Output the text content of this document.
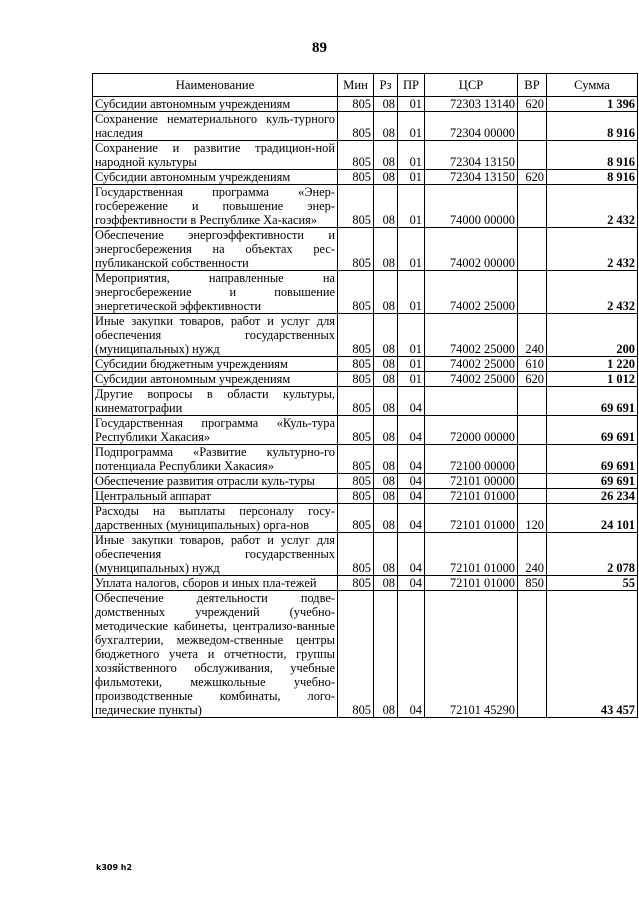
89
Наименование	Мин	Рз	ПР	ЦСР	ВР	Сумма
Субсидии автономным учреждениям	805	08	01	72303 13140	620	1 396
Сохранение нематериального куль-турного наследия	805	08	01	72304 00000		8 916
Сохранение и развитие традицион-ной народной культуры	805	08	01	72304 13150		8 916
Субсидии автономным учреждениям	805	08	01	72304 13150	620	8 916
Государственная программа «Энер-госбережение и повышение энер-гоэффективности в Республике Ха-касия»	805	08	01	74000 00000		2 432
Обеспечение энергоэффективности и энергосбережения на объектах рес-публиканской собственности	805	08	01	74002 00000		2 432
Мероприятия, направленные на энергосбережение и повышение энергетической эффективности	805	08	01	74002 25000		2 432
Иные закупки товаров, работ и услуг для обеспечения государственных (муниципальных) нужд	805	08	01	74002 25000	240	200
Субсидии бюджетным учреждениям	805	08	01	74002 25000	610	1 220
Субсидии автономным учреждениям	805	08	01	74002 25000	620	1 012
Другие вопросы в области культуры, кинематографии	805	08	04			69 691
Государственная программа «Куль-тура Республики Хакасия»	805	08	04	72000 00000		69 691
Подпрограмма «Развитие культурно-го потенциала Республики Хакасия»	805	08	04	72100 00000		69 691
Обеспечение развития отрасли куль-туры	805	08	04	72101 00000		69 691
Центральный аппарат	805	08	04	72101 01000		26 234
Расходы на выплаты персоналу госу-дарственных (муниципальных) орга-нов	805	08	04	72101 01000	120	24 101
Иные закупки товаров, работ и услуг для обеспечения государственных (муниципальных) нужд	805	08	04	72101 01000	240	2 078
Уплата налогов, сборов и иных пла-тежей	805	08	04	72101 01000	850	55
Обеспечение деятельности подве-домственных учреждений (учебно-методические кабинеты, централизо-ванные бухгалтерии, межведом-ственные центры бюджетного учета и отчетности, группы хозяйственного обслуживания, учебные фильмотеки, межшкольные учебно-производственные комбинаты, лого-педические пункты)	805	08	04	72101 45290		43 457
k309 h2
